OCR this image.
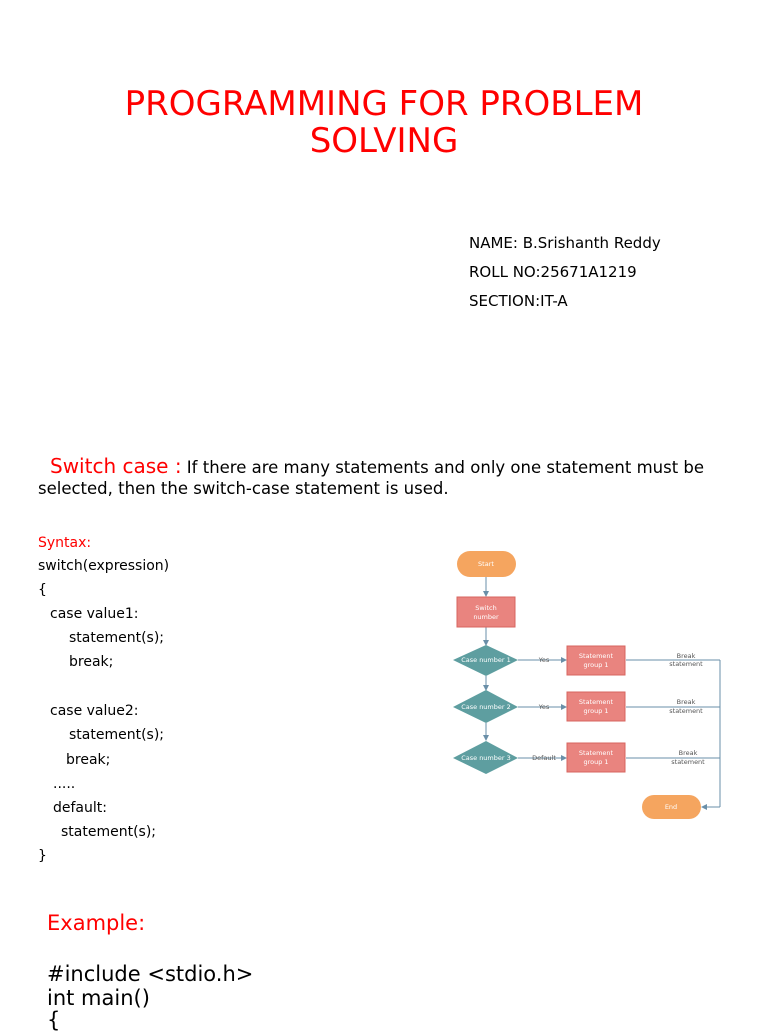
PROGRAMMING FOR PROBLEM
SOLVING
NAME: B.Srishanth Reddy
ROLL NO:25671A1219
SECTION:IT-A
Switch case : If there are many statements and only one statement must be selected, then the switch-case statement is used.
Syntax:
switch(expression)
{
case value1:
statement(s);
break;
case value2:
statement(s);
break;
.....
default:
statement(s);
}
Start
Switch
number
Case number 1
Case number 2
Case number 3
Yes
Yes
Default
Statement
group 1
Statement
group 1
Statement
group 1
Break
statement
Break
statement
Break
statement
End
Example:
#include <stdio.h>
int main()
{
